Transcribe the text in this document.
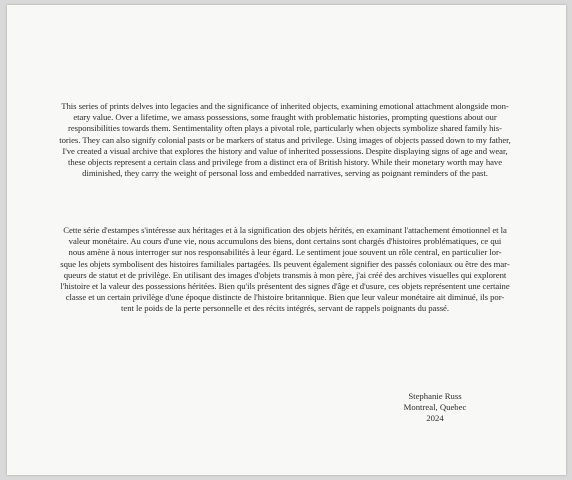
This series of prints delves into legacies and the significance of inherited objects, examining emotional attachment alongside mon-
etary value. Over a lifetime, we amass possessions, some fraught with problematic histories, prompting questions about our
responsibilities towards them. Sentimentality often plays a pivotal role, particularly when objects symbolize shared family his-
tories. They can also signify colonial pasts or be markers of status and privilege. Using images of objects passed down to my father,
I've created a visual archive that explores the history and value of inherited possessions. Despite displaying signs of age and wear,
these objects represent a certain class and privilege from a distinct era of British history. While their monetary worth may have
diminished, they carry the weight of personal loss and embedded narratives, serving as poignant reminders of the past.

Cette série d'estampes s'intéresse aux héritages et à la signification des objets hérités, en examinant l'attachement émotionnel et la
valeur monétaire. Au cours d'une vie, nous accumulons des biens, dont certains sont chargés d'histoires problématiques, ce qui
nous amène à nous interroger sur nos responsabilités à leur égard. Le sentiment joue souvent un rôle central, en particulier lor-
sque les objets symbolisent des histoires familiales partagées. Ils peuvent également signifier des passés coloniaux ou être des mar-
queurs de statut et de privilège. En utilisant des images d'objets transmis à mon père, j'ai créé des archives visuelles qui explorent
l'histoire et la valeur des possessions héritées. Bien qu'ils présentent des signes d'âge et d'usure, ces objets représentent une certaine
classe et un certain privilège d'une époque distincte de l'histoire britannique. Bien que leur valeur monétaire ait diminué, ils por-
tent le poids de la perte personnelle et des récits intégrés, servant de rappels poignants du passé.

Stephanie Russ
Montreal, Quebec
2024
